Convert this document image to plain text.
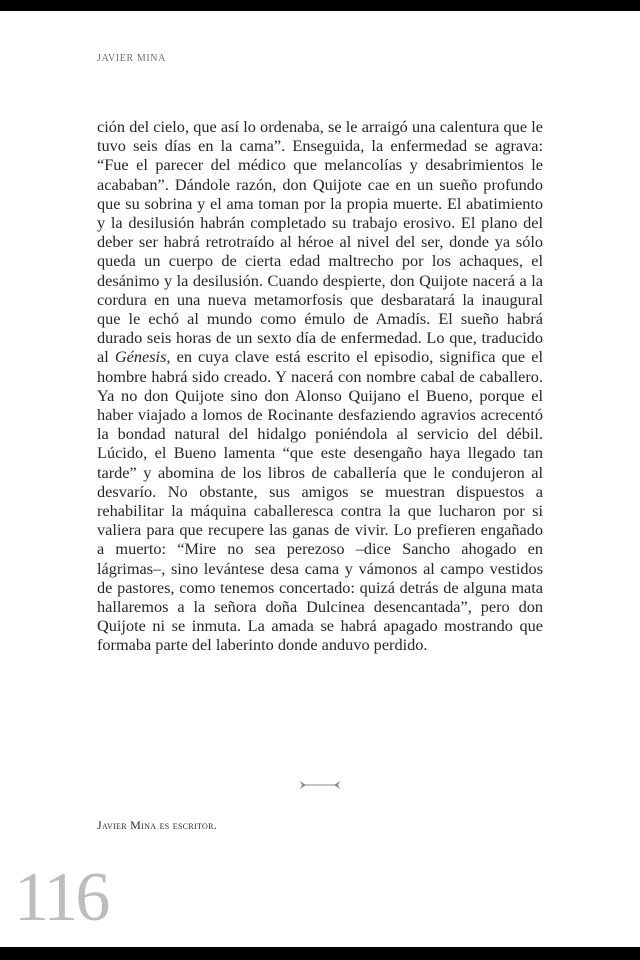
JAVIER MINA

ción del cielo, que así lo ordenaba, se le arraigó una calentura que le tuvo seis días en la cama”. Enseguida, la enfermedad se agrava: “Fue el parecer del médico que melancolías y desabrimientos le acababan”. Dándole razón, don Quijote cae en un sueño profundo que su sobrina y el ama toman por la propia muerte. El abatimiento y la desilusión habrán completado su trabajo erosivo. El plano del deber ser habrá retrotraído al héroe al nivel del ser, donde ya sólo queda un cuerpo de cierta edad maltrecho por los achaques, el desánimo y la desilusión. Cuando despierte, don Quijote nacerá a la cordura en una nueva metamorfosis que desbaratará la inaugural que le echó al mundo como émulo de Amadís. El sueño habrá durado seis horas de un sexto día de enfermedad. Lo que, traducido al Génesis, en cuya clave está escrito el episodio, significa que el hombre habrá sido creado. Y nacerá con nombre cabal de caballero. Ya no don Quijote sino don Alonso Quijano el Bueno, porque el haber viajado a lomos de Rocinante desfaziendo agravios acrecentó la bondad natural del hidalgo poniéndola al servicio del débil. Lúcido, el Bueno lamenta “que este desengaño haya llegado tan tarde” y abomina de los libros de caballería que le condujeron al desvarío. No obstante, sus amigos se muestran dispuestos a rehabilitar la máquina caballeresca contra la que lucharon por si valiera para que recupere las ganas de vivir. Lo prefieren engañado a muerto: “Mire no sea perezoso –dice Sancho ahogado en lágrimas–, sino levántese desa cama y vámonos al campo vestidos de pastores, como tenemos concertado: quizá detrás de alguna mata hallaremos a la señora doña Dulcinea desencantada”, pero don Quijote ni se inmuta. La amada se habrá apagado mostrando que formaba parte del laberinto donde anduvo perdido.

Javier Mina es escritor.
116
